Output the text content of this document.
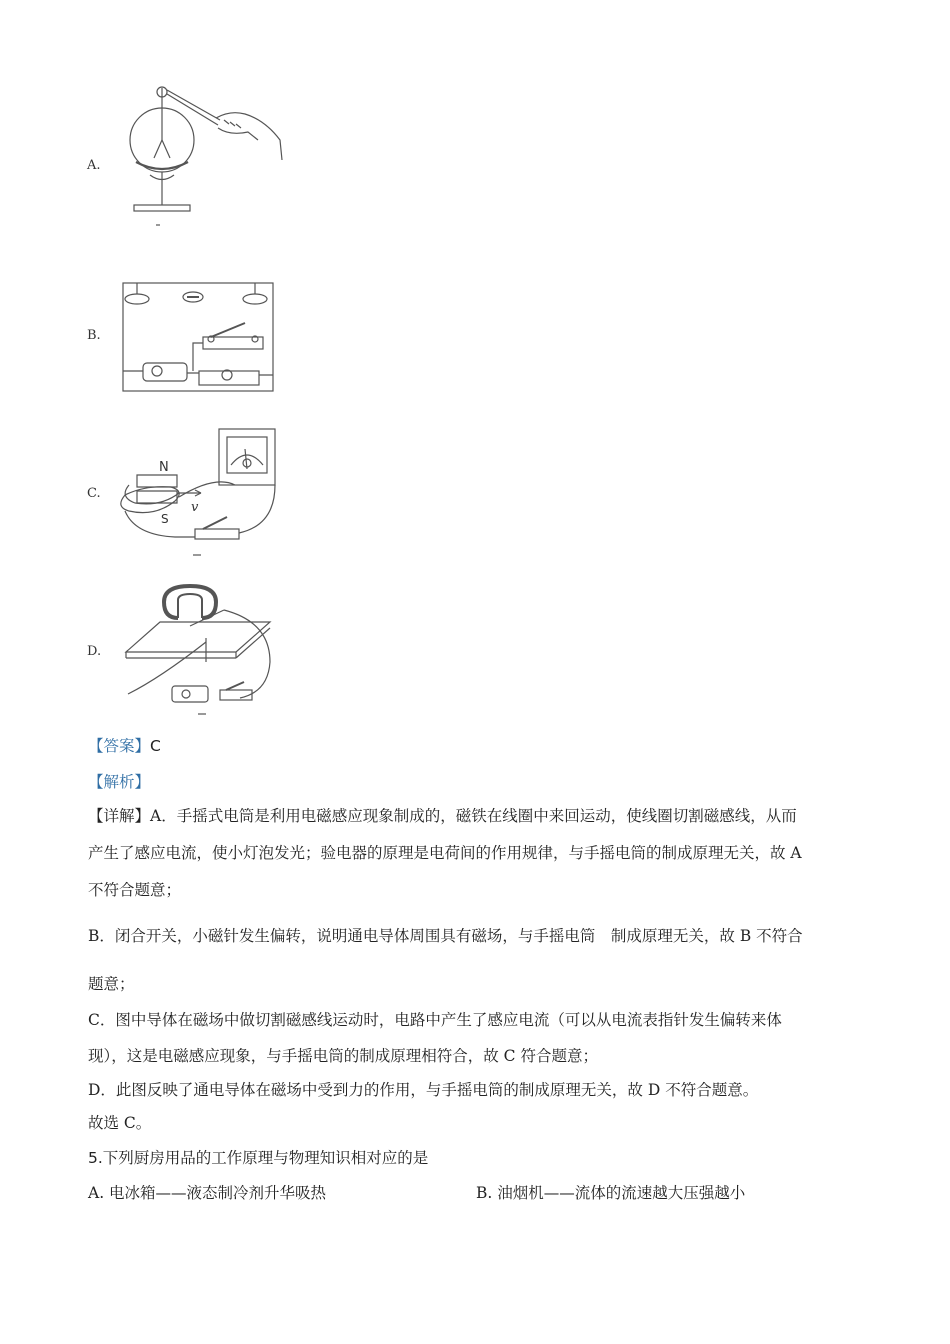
A.
B.
C.
D.
N
S
v
【答案】C
【解析】
【详解】A．手摇式电筒是利用电磁感应现象制成的，磁铁在线圈中来回运动，使线圈切割磁感线，从而
产生了感应电流，使小灯泡发光；验电器的原理是电荷间的作用规律，与手摇电筒的制成原理无关，故 A
不符合题意；
B．闭合开关，小磁针发生偏转，说明通电导体周围具有磁场，与手摇电筒　制成原理无关，故 B 不符合
题意；
C．图中导体在磁场中做切割磁感线运动时，电路中产生了感应电流（可以从电流表指针发生偏转来体
现），这是电磁感应现象，与手摇电筒的制成原理相符合，故 C 符合题意；
D．此图反映了通电导体在磁场中受到力的作用，与手摇电筒的制成原理无关，故 D 不符合题意。
故选 C。
5.下列厨房用品的工作原理与物理知识相对应的是
A. 电冰箱——液态制冷剂升华吸热	B. 油烟机——流体的流速越大压强越小
